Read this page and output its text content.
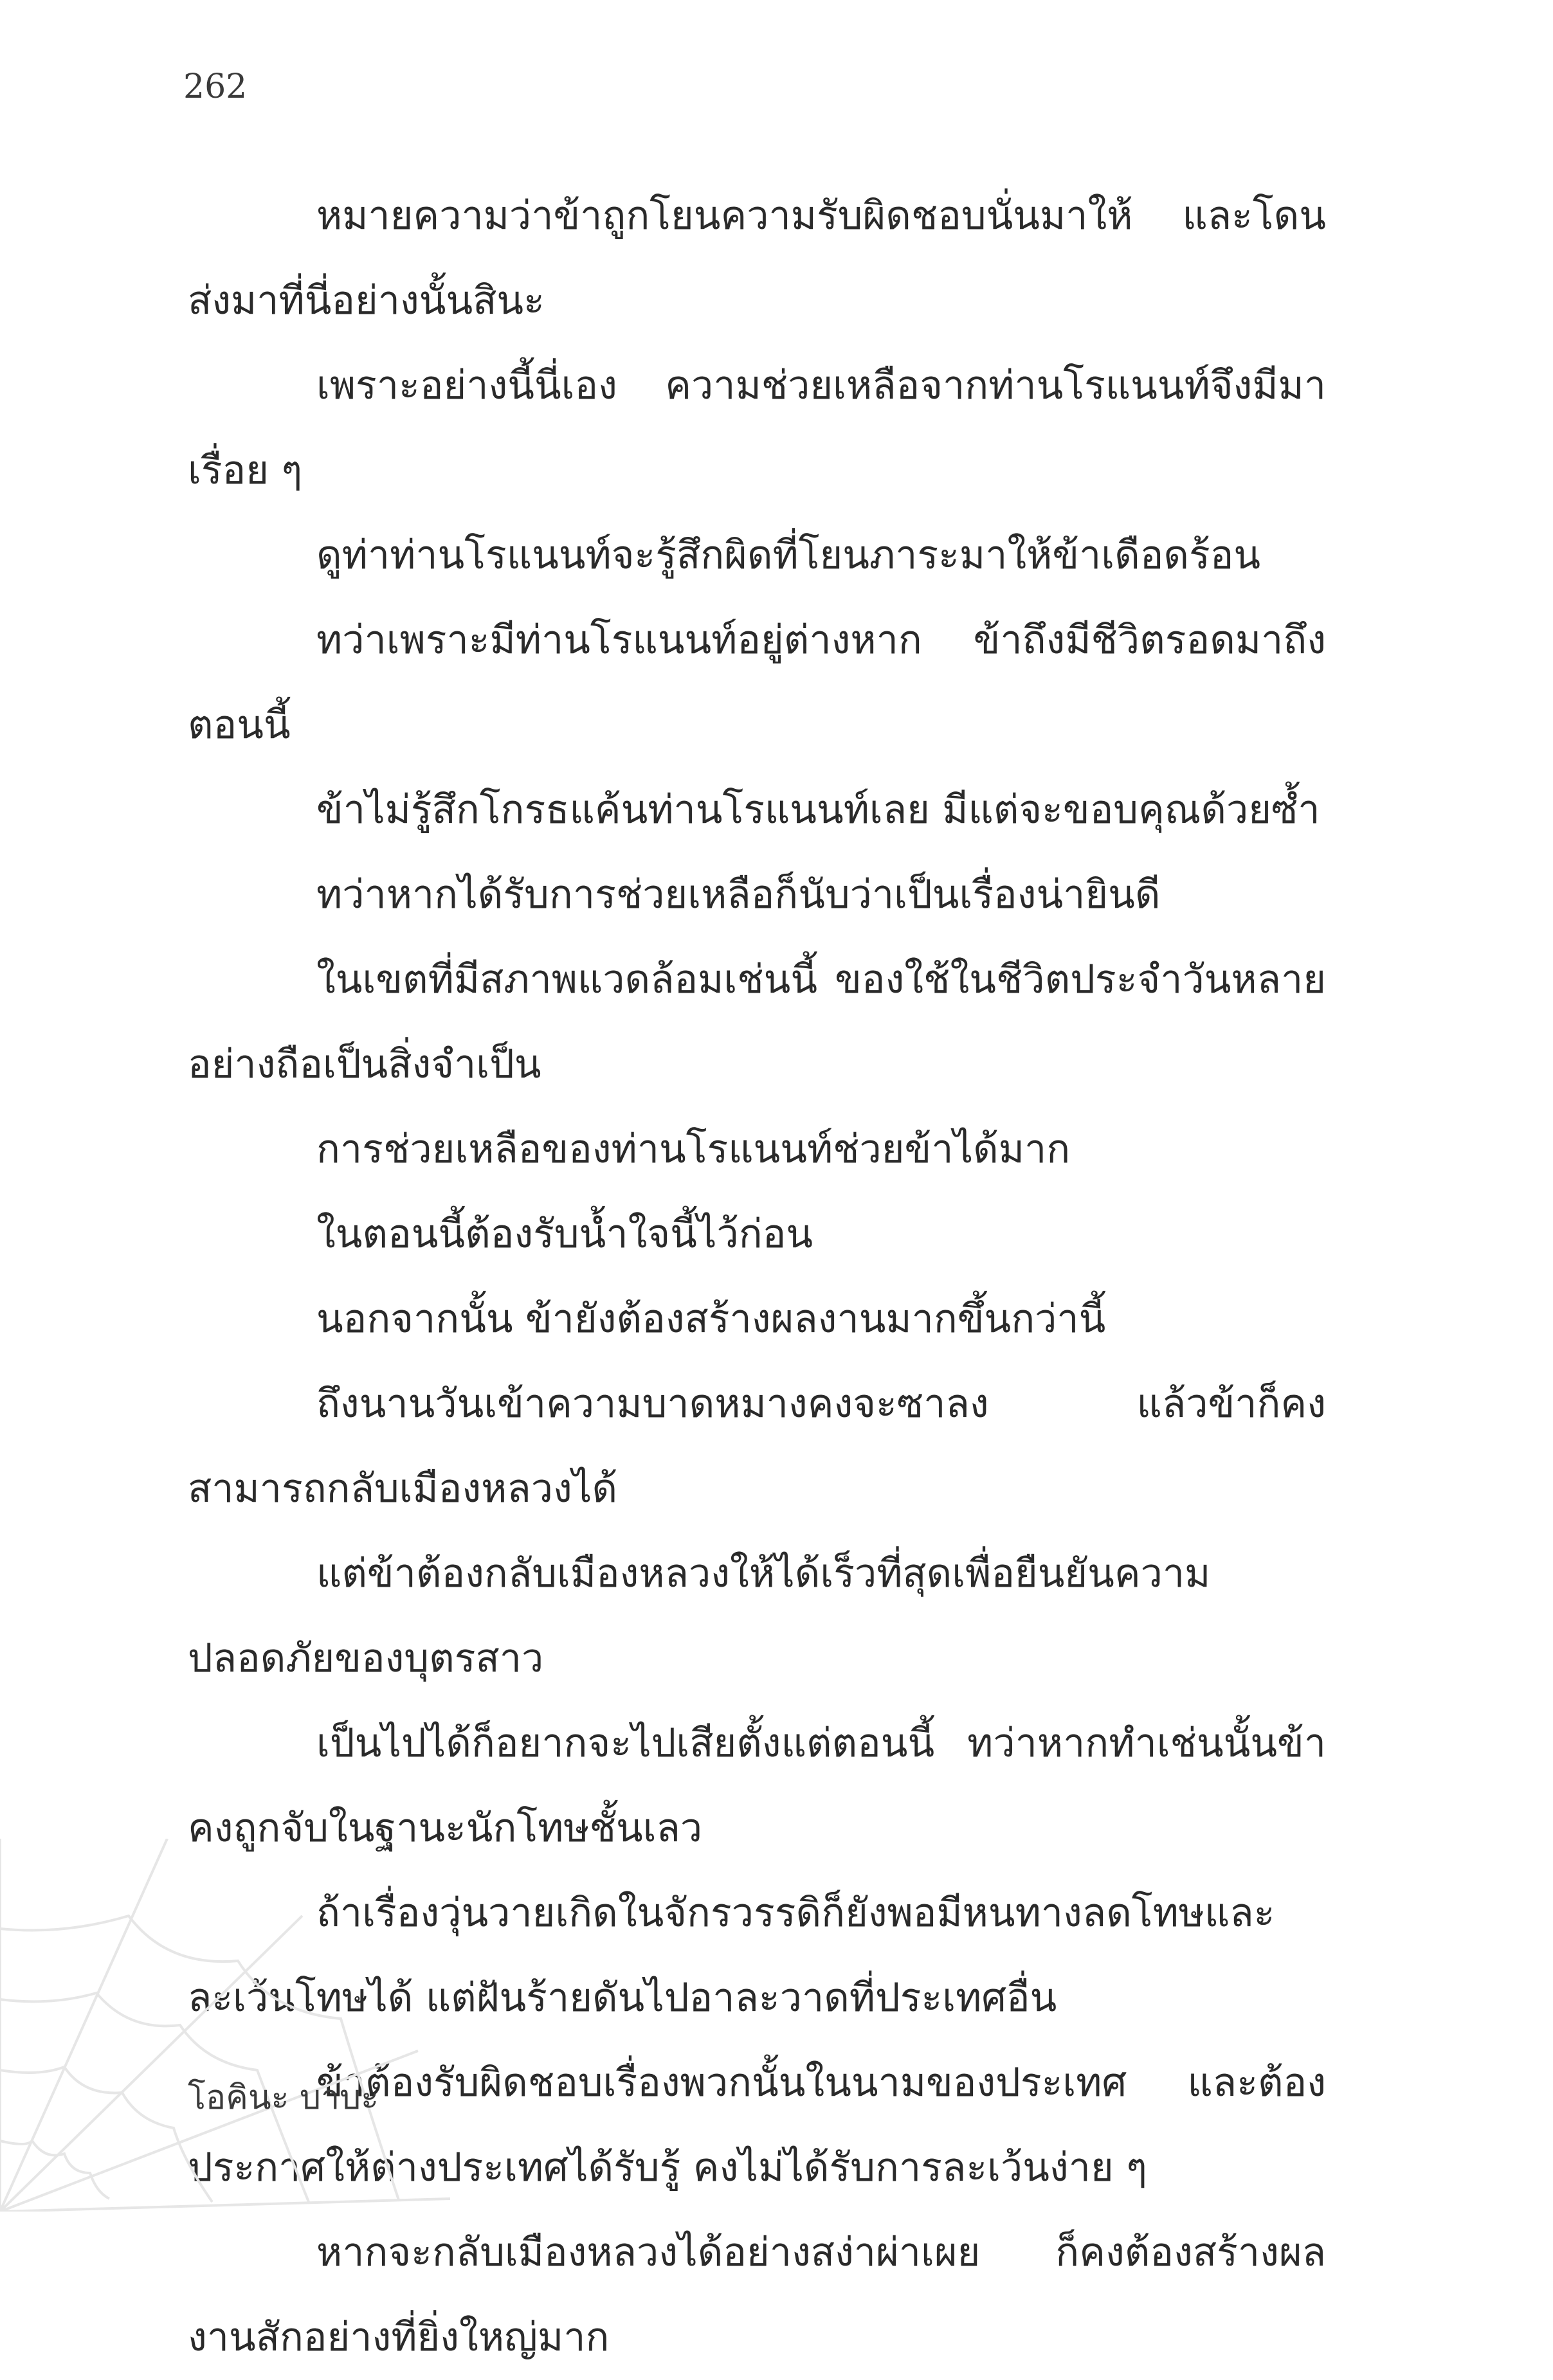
262

หมายความว่าข้าถูกโยนความรับผิดชอบนั่นมาให้ และโดนส่งมาที่นี่อย่างนั้นสินะ

เพราะอย่างนี้นี่เอง ความช่วยเหลือจากท่านโรแนนท์จึงมีมาเรื่อย ๆ

ดูท่าท่านโรแนนท์จะรู้สึกผิดที่โยนภาระมาให้ข้าเดือดร้อน

ทว่าเพราะมีท่านโรแนนท์อยู่ต่างหาก ข้าถึงมีชีวิตรอดมาถึงตอนนี้

ข้าไม่รู้สึกโกรธแค้นท่านโรแนนท์เลย มีแต่จะขอบคุณด้วยซ้ำ

ทว่าหากได้รับการช่วยเหลือก็นับว่าเป็นเรื่องน่ายินดี

ในเขตที่มีสภาพแวดล้อมเช่นนี้ ของใช้ในชีวิตประจำวันหลายอย่างถือเป็นสิ่งจำเป็น

การช่วยเหลือของท่านโรแนนท์ช่วยข้าได้มาก

ในตอนนี้ต้องรับน้ำใจนี้ไว้ก่อน

นอกจากนั้น ข้ายังต้องสร้างผลงานมากขึ้นกว่านี้

ถึงนานวันเข้าความบาดหมางคงจะซาลง แล้วข้าก็คงสามารถกลับเมืองหลวงได้

แต่ข้าต้องกลับเมืองหลวงให้ได้เร็วที่สุดเพื่อยืนยันความปลอดภัยของบุตรสาว

เป็นไปได้ก็อยากจะไปเสียตั้งแต่ตอนนี้ ทว่าหากทำเช่นนั้นข้าคงถูกจับในฐานะนักโทษชั้นเลว

ถ้าเรื่องวุ่นวายเกิดในจักรวรรดิก็ยังพอมีหนทางลดโทษและละเว้นโทษได้ แต่ฝันร้ายดันไปอาละวาดที่ประเทศอื่น

ข้าต้องรับผิดชอบเรื่องพวกนั้นในนามของประเทศ และต้องประกาศให้ต่างประเทศได้รับรู้ คงไม่ได้รับการละเว้นง่าย ๆ

หากจะกลับเมืองหลวงได้อย่างสง่าผ่าเผย ก็คงต้องสร้างผลงานสักอย่างที่ยิ่งใหญ่มาก

โอคินะ บาบะ
